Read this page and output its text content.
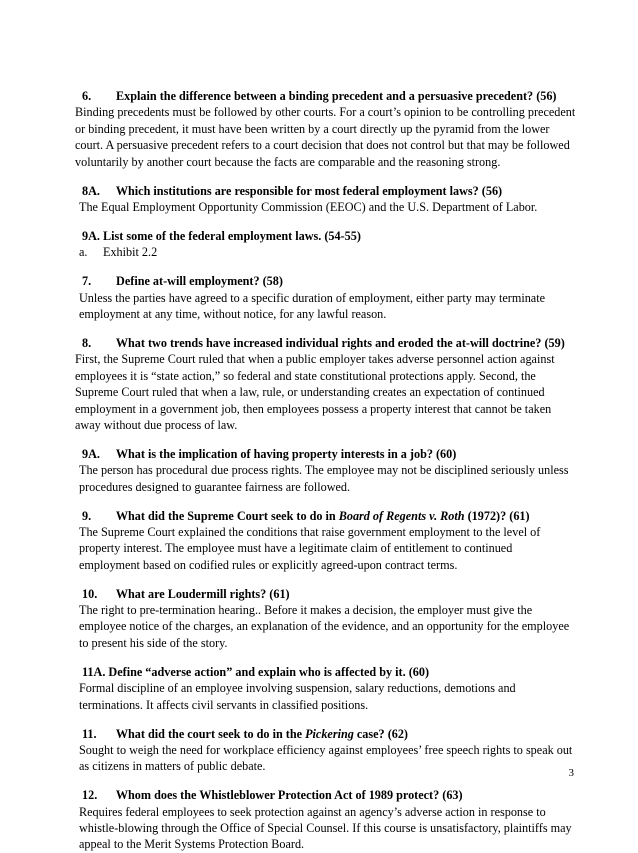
6. Explain the difference between a binding precedent and a persuasive precedent? (56)
Binding precedents must be followed by other courts. For a court’s opinion to be controlling precedent or binding precedent, it must have been written by a court directly up the pyramid from the lower court. A persuasive precedent refers to a court decision that does not control but that may be followed voluntarily by another court because the facts are comparable and the reasoning strong.
8A. Which institutions are responsible for most federal employment laws? (56)
The Equal Employment Opportunity Commission (EEOC) and the U.S. Department of Labor.
9A. List some of the federal employment laws. (54-55)
a. Exhibit 2.2
7. Define at-will employment? (58)
Unless the parties have agreed to a specific duration of employment, either party may terminate employment at any time, without notice, for any lawful reason.
8. What two trends have increased individual rights and eroded the at-will doctrine? (59)
First, the Supreme Court ruled that when a public employer takes adverse personnel action against employees it is “state action,” so federal and state constitutional protections apply. Second, the Supreme Court ruled that when a law, rule, or understanding creates an expectation of continued employment in a government job, then employees possess a property interest that cannot be taken away without due process of law.
9A. What is the implication of having property interests in a job? (60)
The person has procedural due process rights. The employee may not be disciplined seriously unless procedures designed to guarantee fairness are followed.
9. What did the Supreme Court seek to do in Board of Regents v. Roth (1972)? (61)
The Supreme Court explained the conditions that raise government employment to the level of property interest. The employee must have a legitimate claim of entitlement to continued employment based on codified rules or explicitly agreed-upon contract terms.
10. What are Loudermill rights? (61)
The right to pre-termination hearing.. Before it makes a decision, the employer must give the employee notice of the charges, an explanation of the evidence, and an opportunity for the employee to present his side of the story.
11A. Define “adverse action” and explain who is affected by it. (60)
Formal discipline of an employee involving suspension, salary reductions, demotions and terminations. It affects civil servants in classified positions.
11. What did the court seek to do in the Pickering case? (62)
Sought to weigh the need for workplace efficiency against employees’ free speech rights to speak out as citizens in matters of public debate.
12. Whom does the Whistleblower Protection Act of 1989 protect? (63)
Requires federal employees to seek protection against an agency’s adverse action in response to whistle-blowing through the Office of Special Counsel. If this course is unsatisfactory, plaintiffs may appeal to the Merit Systems Protection Board.
3
